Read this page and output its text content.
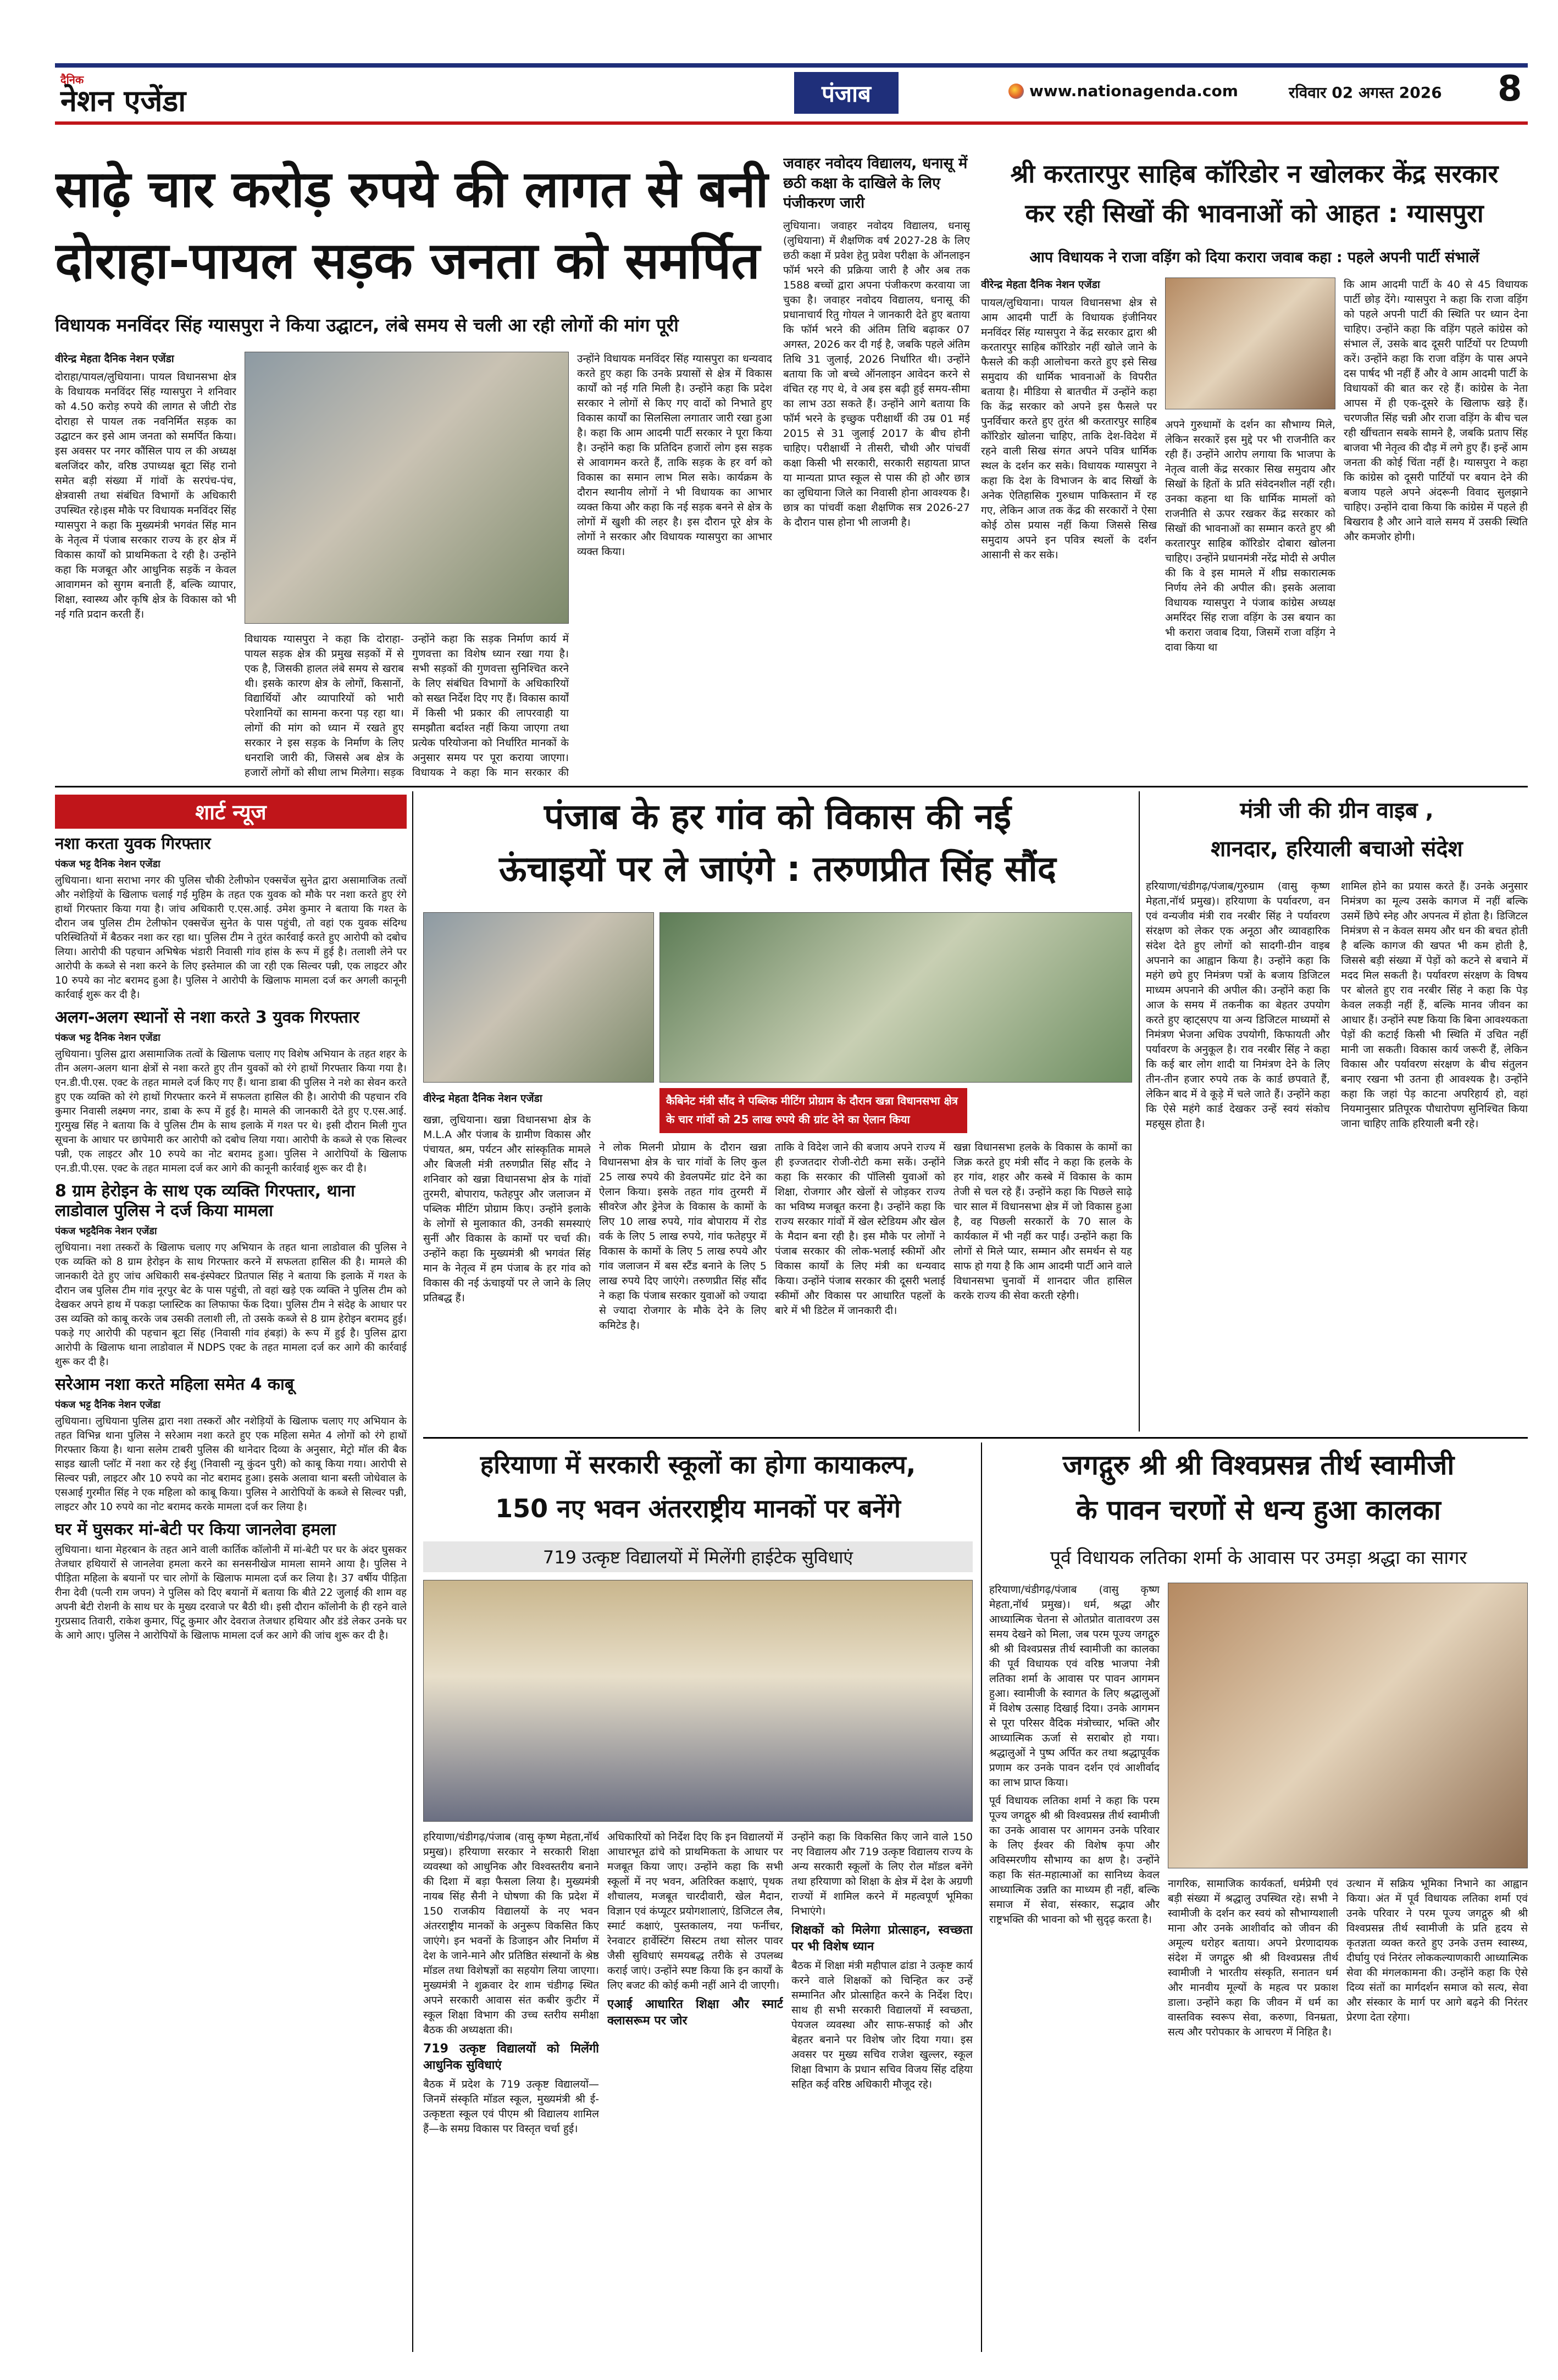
दैनिक
नेशन एजेंडा	पंजाब	www.nationagenda.com	रविवार 02 अगस्त 2026 8
साढ़े चार करोड़ रुपये की लागत से बनी
दोराहा-पायल सड़क जनता को समर्पित
विधायक मनविंदर सिंह ग्यासपुरा ने किया उद्घाटन, लंबे समय से चली आ रही लोगों की मांग पूरी
वीरेन्द्र मेहता दैनिक नेशन एजेंडा

दोराहा/पायल/लुधियाना। पायल विधानसभा क्षेत्र के विधायक मनविंदर सिंह ग्यासपुरा ने शनिवार को 4.50 करोड़ रुपये की लागत से जीटी रोड दोराहा से पायल तक नवनिर्मित सड़क का उद्घाटन कर इसे आम जनता को समर्पित किया। इस अवसर पर नगर कौंसिल पाय ल की अध्यक्ष बलजिंदर कौर, वरिष्ठ उपाध्यक्ष बूटा सिंह रानो समेत बड़ी संख्या में गांवों के सरपंच-पंच, क्षेत्रवासी तथा संबंधित विभागों के अधिकारी उपस्थित रहे।इस मौके पर विधायक मनविंदर सिंह ग्यासपुरा ने कहा कि मुख्यमंत्री भगवंत सिंह मान के नेतृत्व में पंजाब सरकार राज्य के हर क्षेत्र में विकास कार्यों को प्राथमिकता दे रही है। उन्होंने कहा कि मजबूत और आधुनिक सड़कें न केवल आवागमन को सुगम बनाती हैं, बल्कि व्यापार, शिक्षा, स्वास्थ्य और कृषि क्षेत्र के विकास को भी नई गति प्रदान करती हैं।

विधायक ग्यासपुरा ने कहा कि दोराहा-पायल सड़क क्षेत्र की प्रमुख सड़कों में से एक है, जिसकी हालत लंबे समय से खराब थी। इसके कारण क्षेत्र के लोगों, किसानों, विद्यार्थियों और व्यापारियों को भारी परेशानियों का सामना करना पड़ रहा था। लोगों की मांग को ध्यान में रखते हुए सरकार ने इस सड़क के निर्माण के लिए धनराशि जारी की, जिससे अब क्षेत्र के हजारों लोगों को सीधा लाभ मिलेगा। सड़क

उन्होंने कहा कि सड़क निर्माण कार्य में गुणवत्ता का विशेष ध्यान रखा गया है। सभी सड़कों की गुणवत्ता सुनिश्चित करने के लिए संबंधित विभागों के अधिकारियों को सख्त निर्देश दिए गए हैं। विकास कार्यों में किसी भी प्रकार की लापरवाही या समझौता बर्दाश्त नहीं किया जाएगा तथा प्रत्येक परियोजना को निर्धारित मानकों के अनुसार समय पर पूरा कराया जाएगा। विधायक ने कहा कि मान सरकार की

उन्होंने विधायक मनविंदर सिंह ग्यासपुरा का धन्यवाद करते हुए कहा कि उनके प्रयासों से क्षेत्र में विकास कार्यों को नई गति मिली है। उन्होंने कहा कि प्रदेश सरकार ने लोगों से किए गए वादों को निभाते हुए विकास कार्यों का सिलसिला लगातार जारी रखा हुआ है। कहा कि आम आदमी पार्टी सरकार ने पूरा किया है। उन्होंने कहा कि प्रतिदिन हजारों लोग इस सड़क से आवागमन करते हैं, ताकि सड़क के हर वर्ग को विकास का समान लाभ मिल सके। कार्यक्रम के दौरान स्थानीय लोगों ने भी विधायक का आभार व्यक्त किया और कहा कि नई सड़क बनने से क्षेत्र के लोगों में खुशी की लहर है। इस दौरान पूरे क्षेत्र के लोगों ने सरकार और विधायक ग्यासपुरा का आभार व्यक्त किया।

जवाहर नवोदय विद्यालय, धनासू में छठी कक्षा के दाखिले के लिए पंजीकरण जारी
लुधियाना। जवाहर नवोदय विद्यालय, धनासू (लुधियाना) में शैक्षणिक वर्ष 2027-28 के लिए छठी कक्षा में प्रवेश हेतु प्रवेश परीक्षा के ऑनलाइन फॉर्म भरने की प्रक्रिया जारी है और अब तक 1588 बच्चों द्वारा अपना पंजीकरण करवाया जा चुका है। जवाहर नवोदय विद्यालय, धनासू की प्रधानाचार्य रितु गोयल ने जानकारी देते हुए बताया कि फॉर्म भरने की अंतिम तिथि बढ़ाकर 07 अगस्त, 2026 कर दी गई है, जबकि पहले अंतिम तिथि 31 जुलाई, 2026 निर्धारित थी। उन्होंने बताया कि जो बच्चे ऑनलाइन आवेदन करने से वंचित रह गए थे, वे अब इस बढ़ी हुई समय-सीमा का लाभ उठा सकते हैं। उन्होंने आगे बताया कि फॉर्म भरने के इच्छुक परीक्षार्थी की उम्र 01 मई 2015 से 31 जुलाई 2017 के बीच होनी चाहिए। परीक्षार्थी ने तीसरी, चौथी और पांचवीं कक्षा किसी भी सरकारी, सरकारी सहायता प्राप्त या मान्यता प्राप्त स्कूल से पास की हो और छात्र का लुधियाना जिले का निवासी होना आवश्यक है। छात्र का पांचवीं कक्षा शैक्षणिक सत्र 2026-27 के दौरान पास होना भी लाजमी है।
श्री करतारपुर साहिब कॉरिडोर न खोलकर केंद्र सरकार
कर रही सिखों की भावनाओं को आहत : ग्यासपुरा
आप विधायक ने राजा वड़िंग को दिया करारा जवाब कहा : पहले अपनी पार्टी संभालें
वीरेन्द्र मेहता दैनिक नेशन एजेंडा

पायल/लुधियाना। पायल विधानसभा क्षेत्र से आम आदमी पार्टी के विधायक इंजीनियर मनविंदर सिंह ग्यासपुरा ने केंद्र सरकार द्वारा श्री करतारपुर साहिब कॉरिडोर नहीं खोले जाने के फैसले की कड़ी आलोचना करते हुए इसे सिख समुदाय की धार्मिक भावनाओं के विपरीत बताया है। मीडिया से बातचीत में उन्होंने कहा कि केंद्र सरकार को अपने इस फैसले पर पुनर्विचार करते हुए तुरंत श्री करतारपुर साहिब कॉरिडोर खोलना चाहिए, ताकि देश-विदेश में रहने वाली सिख संगत अपने पवित्र धार्मिक स्थल के दर्शन कर सके। विधायक ग्यासपुरा ने कहा कि देश के विभाजन के बाद सिखों के अनेक ऐतिहासिक गुरुधाम पाकिस्तान में रह गए, लेकिन आज तक केंद्र की सरकारों ने ऐसा कोई ठोस प्रयास नहीं किया जिससे सिख समुदाय अपने इन पवित्र स्थलों के दर्शन आसानी से कर सके।

अपने गुरुधामों के दर्शन का सौभाग्य मिले, लेकिन सरकारें इस मुद्दे पर भी राजनीति कर रही हैं। उन्होंने आरोप लगाया कि भाजपा के नेतृत्व वाली केंद्र सरकार सिख समुदाय और सिखों के हितों के प्रति संवेदनशील नहीं रही। उनका कहना था कि धार्मिक मामलों को राजनीति से ऊपर रखकर केंद्र सरकार को सिखों की भावनाओं का सम्मान करते हुए श्री करतारपुर साहिब कॉरिडोर दोबारा खोलना चाहिए। उन्होंने प्रधानमंत्री नरेंद्र मोदी से अपील की कि वे इस मामले में शीघ्र सकारात्मक निर्णय लेने की अपील की। इसके अलावा विधायक ग्यासपुरा ने पंजाब कांग्रेस अध्यक्ष अमरिंदर सिंह राजा वड़िंग के उस बयान का भी करारा जवाब दिया, जिसमें राजा वड़िंग ने दावा किया था

कि आम आदमी पार्टी के 40 से 45 विधायक पार्टी छोड़ देंगे। ग्यासपुरा ने कहा कि राजा वड़िंग को पहले अपनी पार्टी की स्थिति पर ध्यान देना चाहिए। उन्होंने कहा कि वड़िंग पहले कांग्रेस को संभाल लें, उसके बाद दूसरी पार्टियों पर टिप्पणी करें। उन्होंने कहा कि राजा वड़िंग के पास अपने दस पार्षद भी नहीं हैं और वे आम आदमी पार्टी के विधायकों की बात कर रहे हैं। कांग्रेस के नेता आपस में ही एक-दूसरे के खिलाफ खड़े हैं। चरणजीत सिंह चन्नी और राजा वड़िंग के बीच चल रही खींचतान सबके सामने है, जबकि प्रताप सिंह बाजवा भी नेतृत्व की दौड़ में लगे हुए हैं। इन्हें आम जनता की कोई चिंता नहीं है। ग्यासपुरा ने कहा कि कांग्रेस को दूसरी पार्टियों पर बयान देने की बजाय पहले अपने अंदरूनी विवाद सुलझाने चाहिए। उन्होंने दावा किया कि कांग्रेस में पहले ही बिखराव है और आने वाले समय में उसकी स्थिति और कमजोर होगी।

शार्ट न्यूज
नशा करता युवक गिरफ्तार
पंकज भट्ट दैनिक नेशन एजेंडा
लुधियाना। थाना सराभा नगर की पुलिस चौकी टेलीफोन एक्सचेंज सुनेत द्वारा असामाजिक तत्वों और नशेड़ियों के खिलाफ चलाई गई मुहिम के तहत एक युवक को मौके पर नशा करते हुए रंगे हाथों गिरफ्तार किया गया है। जांच अधिकारी ए.एस.आई. उमेश कुमार ने बताया कि गश्त के दौरान जब पुलिस टीम टेलीफोन एक्सचेंज सुनेत के पास पहुंची, तो वहां एक युवक संदिग्ध परिस्थितियों में बैठकर नशा कर रहा था। पुलिस टीम ने तुरंत कार्रवाई करते हुए आरोपी को दबोच लिया। आरोपी की पहचान अभिषेक भंडारी निवासी गांव हांस के रूप में हुई है। तलाशी लेने पर आरोपी के कब्जे से नशा करने के लिए इस्तेमाल की जा रही एक सिल्वर पन्नी, एक लाइटर और 10 रुपये का नोट बरामद हुआ है। पुलिस ने आरोपी के खिलाफ मामला दर्ज कर अगली कानूनी कार्रवाई शुरू कर दी है।
अलग-अलग स्थानों से नशा करते 3 युवक गिरफ्तार
पंकज भट्ट दैनिक नेशन एजेंडा
लुधियाना। पुलिस द्वारा असामाजिक तत्वों के खिलाफ चलाए गए विशेष अभियान के तहत शहर के तीन अलग-अलग थाना क्षेत्रों से नशा करते हुए तीन युवकों को रंगे हाथों गिरफ्तार किया गया है। एन.डी.पी.एस. एक्ट के तहत मामले दर्ज किए गए हैं। थाना डाबा की पुलिस ने नशे का सेवन करते हुए एक व्यक्ति को रंगे हाथों गिरफ्तार करने में सफलता हासिल की है। आरोपी की पहचान रवि कुमार निवासी लक्ष्मण नगर, डाबा के रूप में हुई है। मामले की जानकारी देते हुए ए.एस.आई. गुरमुख सिंह ने बताया कि वे पुलिस टीम के साथ इलाके में गश्त पर थे। इसी दौरान मिली गुप्त सूचना के आधार पर छापेमारी कर आरोपी को दबोच लिया गया। आरोपी के कब्जे से एक सिल्वर पन्नी, एक लाइटर और 10 रुपये का नोट बरामद हुआ। पुलिस ने आरोपियों के खिलाफ एन.डी.पी.एस. एक्ट के तहत मामला दर्ज कर आगे की कानूनी कार्रवाई शुरू कर दी है।
8 ग्राम हेरोइन के साथ एक व्यक्ति गिरफ्तार, थाना लाडोवाल पुलिस ने दर्ज किया मामला
पंकज भट्टदैनिक नेशन एजेंडा
लुधियाना। नशा तस्करों के खिलाफ चलाए गए अभियान के तहत थाना लाडोवाल की पुलिस ने एक व्यक्ति को 8 ग्राम हेरोइन के साथ गिरफ्तार करने में सफलता हासिल की है। मामले की जानकारी देते हुए जांच अधिकारी सब-इंस्पेक्टर प्रितपाल सिंह ने बताया कि इलाके में गश्त के दौरान जब पुलिस टीम गांव नूरपुर बेट के पास पहुंची, तो वहां खड़े एक व्यक्ति ने पुलिस टीम को देखकर अपने हाथ में पकड़ा प्लास्टिक का लिफाफा फेंक दिया। पुलिस टीम ने संदेह के आधार पर उस व्यक्ति को काबू करके जब उसकी तलाशी ली, तो उसके कब्जे से 8 ग्राम हेरोइन बरामद हुई। पकड़े गए आरोपी की पहचान बूटा सिंह (निवासी गांव हंबड़ां) के रूप में हुई है। पुलिस द्वारा आरोपी के खिलाफ थाना लाडोवाल में NDPS एक्ट के तहत मामला दर्ज कर आगे की कार्रवाई शुरू कर दी है।
सरेआम नशा करते महिला समेत 4 काबू
पंकज भट्ट दैनिक नेशन एजेंडा
लुधियाना। लुधियाना पुलिस द्वारा नशा तस्करों और नशेड़ियों के खिलाफ चलाए गए अभियान के तहत विभिन्न थाना पुलिस ने सरेआम नशा करते हुए एक महिला समेत 4 लोगों को रंगे हाथों गिरफ्तार किया है। थाना सलेम टाबरी पुलिस की थानेदार दिव्या के अनुसार, मेट्रो मॉल की बैक साइड खाली प्लॉट में नशा कर रहे ईशु (निवासी न्यू कुंदन पुरी) को काबू किया गया। आरोपी से सिल्वर पन्नी, लाइटर और 10 रुपये का नोट बरामद हुआ। इसके अलावा थाना बस्ती जोधेवाल के एसआई गुरमीत सिंह ने एक महिला को काबू किया। पुलिस ने आरोपियों के कब्जे से सिल्वर पन्नी, लाइटर और 10 रुपये का नोट बरामद करके मामला दर्ज कर लिया है।
घर में घुसकर मां-बेटी पर किया जानलेवा हमला
लुधियाना। थाना मेहरबान के तहत आने वाली कार्तिक कॉलोनी में मां-बेटी पर घर के अंदर घुसकर तेजधार हथियारों से जानलेवा हमला करने का सनसनीखेज मामला सामने आया है। पुलिस ने पीड़िता महिला के बयानों पर चार लोगों के खिलाफ मामला दर्ज कर लिया है। 37 वर्षीय पीड़िता रीना देवी (पत्नी राम जपन) ने पुलिस को दिए बयानों में बताया कि बीते 22 जुलाई की शाम वह अपनी बेटी रोशनी के साथ घर के मुख्य दरवाजे पर बैठी थी। इसी दौरान कॉलोनी के ही रहने वाले गुरप्रसाद तिवारी, राकेश कुमार, पिंटू कुमार और देवराज तेजधार हथियार और डंडे लेकर उनके घर के आगे आए। पुलिस ने आरोपियों के खिलाफ मामला दर्ज कर आगे की जांच शुरू कर दी है।
पंजाब के हर गांव को विकास की नई
ऊंचाइयों पर ले जाएंगे : तरुणप्रीत सिंह सौंद
वीरेन्द्र मेहता दैनिक नेशन एजेंडा	कैबिनेट मंत्री सौंद ने पब्लिक मीटिंग प्रोग्राम के दौरान खन्ना विधानसभा क्षेत्र के चार गांवों को 25 लाख रुपये की ग्रांट देने का ऐलान किया

खन्ना, लुधियाना। खन्ना विधानसभा क्षेत्र के M.L.A और पंजाब के ग्रामीण विकास और पंचायत, श्रम, पर्यटन और सांस्कृतिक मामले और बिजली मंत्री तरुणप्रीत सिंह सौंद ने शनिवार को खन्ना विधानसभा क्षेत्र के गांवों तुरमरी, बोपाराय, फतेहपुर और जलाजन में पब्लिक मीटिंग प्रोग्राम किए। उन्होंने इलाके के लोगों से मुलाकात की, उनकी समस्याएं सुनीं और विकास के कामों पर चर्चा की। उन्होंने कहा कि मुख्यमंत्री श्री भगवंत सिंह मान के नेतृत्व में हम पंजाब के हर गांव को विकास की नई ऊंचाइयों पर ले जाने के लिए प्रतिबद्ध हैं।

ने लोक मिलनी प्रोग्राम के दौरान खन्ना विधानसभा क्षेत्र के चार गांवों के लिए कुल 25 लाख रुपये की डेवलपमेंट ग्रांट देने का ऐलान किया। इसके तहत गांव तुरमरी में सीवरेज और ड्रेनेज के विकास के कामों के लिए 10 लाख रुपये, गांव बोपाराय में रोड वर्क के लिए 5 लाख रुपये, गांव फतेहपुर में विकास के कामों के लिए 5 लाख रुपये और गांव जलाजन में बस स्टैंड बनाने के लिए 5 लाख रुपये दिए जाएंगे। तरुणप्रीत सिंह सौंद ने कहा कि पंजाब सरकार युवाओं को ज्यादा से ज्यादा रोजगार के मौके देने के लिए कमिटेड है।

ताकि वे विदेश जाने की बजाय अपने राज्य में ही इज्जतदार रोजी-रोटी कमा सकें। उन्होंने कहा कि सरकार की पॉलिसी युवाओं को शिक्षा, रोजगार और खेलों से जोड़कर राज्य का भविष्य मजबूत करना है। उन्होंने कहा कि राज्य सरकार गांवों में खेल स्टेडियम और खेल के मैदान बना रही है। इस मौके पर लोगों ने पंजाब सरकार की लोक-भलाई स्कीमों और विकास कार्यों के लिए मंत्री का धन्यवाद किया। उन्होंने पंजाब सरकार की दूसरी भलाई स्कीमों और विकास पर आधारित पहलों के बारे में भी डिटेल में जानकारी दी।

खन्ना विधानसभा हलके के विकास के कामों का जिक्र करते हुए मंत्री सौंद ने कहा कि हलके के हर गांव, शहर और कस्बे में विकास के काम तेजी से चल रहे हैं। उन्होंने कहा कि पिछले साढ़े चार साल में विधानसभा क्षेत्र में जो विकास हुआ है, वह पिछली सरकारों के 70 साल के कार्यकाल में भी नहीं कर पाईं। उन्होंने कहा कि लोगों से मिले प्यार, सम्मान और समर्थन से यह साफ हो गया है कि आम आदमी पार्टी आने वाले विधानसभा चुनावों में शानदार जीत हासिल करके राज्य की सेवा करती रहेगी।

मंत्री जी की ग्रीन वाइब ,
शानदार, हरियाली बचाओ संदेश

हरियाणा/चंडीगढ़/पंजाब/गुरुग्राम (वासु कृष्ण मेहता,नॉर्थ प्रमुख)। हरियाणा के पर्यावरण, वन एवं वन्यजीव मंत्री राव नरबीर सिंह ने पर्यावरण संरक्षण को लेकर एक अनूठा और व्यावहारिक संदेश देते हुए लोगों को सादगी-ग्रीन वाइब अपनाने का आह्वान किया है। उन्होंने कहा कि महंगे छपे हुए निमंत्रण पत्रों के बजाय डिजिटल माध्यम अपनाने की अपील की। उन्होंने कहा कि आज के समय में तकनीक का बेहतर उपयोग करते हुए व्हाट्सएप या अन्य डिजिटल माध्यमों से निमंत्रण भेजना अधिक उपयोगी, किफायती और पर्यावरण के अनुकूल है। राव नरबीर सिंह ने कहा कि कई बार लोग शादी या निमंत्रण देने के लिए तीन-तीन हजार रुपये तक के कार्ड छपवाते हैं, लेकिन बाद में वे कूड़े में चले जाते हैं। उन्होंने कहा कि ऐसे महंगे कार्ड देखकर उन्हें स्वयं संकोच महसूस होता है।

शामिल होने का प्रयास करते हैं। उनके अनुसार निमंत्रण का मूल्य उसके कागज में नहीं बल्कि उसमें छिपे स्नेह और अपनत्व में होता है। डिजिटल निमंत्रण से न केवल समय और धन की बचत होती है बल्कि कागज की खपत भी कम होती है, जिससे बड़ी संख्या में पेड़ों को कटने से बचाने में मदद मिल सकती है। पर्यावरण संरक्षण के विषय पर बोलते हुए राव नरबीर सिंह ने कहा कि पेड़ केवल लकड़ी नहीं हैं, बल्कि मानव जीवन का आधार हैं। उन्होंने स्पष्ट किया कि बिना आवश्यकता पेड़ों की कटाई किसी भी स्थिति में उचित नहीं मानी जा सकती। विकास कार्य जरूरी हैं, लेकिन विकास और पर्यावरण संरक्षण के बीच संतुलन बनाए रखना भी उतना ही आवश्यक है। उन्होंने कहा कि जहां पेड़ काटना अपरिहार्य हो, वहां नियमानुसार प्रतिपूरक पौधारोपण सुनिश्चित किया जाना चाहिए ताकि हरियाली बनी रहे।

हरियाणा में सरकारी स्कूलों का होगा कायाकल्प,
150 नए भवन अंतरराष्ट्रीय मानकों पर बनेंगे
719 उत्कृष्ट विद्यालयों में मिलेंगी हाईटेक सुविधाएं

हरियाणा/चंडीगढ़/पंजाब (वासु कृष्ण मेहता,नॉर्थ प्रमुख)। हरियाणा सरकार ने सरकारी शिक्षा व्यवस्था को आधुनिक और विश्वस्तरीय बनाने की दिशा में बड़ा फैसला लिया है। मुख्यमंत्री नायब सिंह सैनी ने घोषणा की कि प्रदेश में 150 राजकीय विद्यालयों के नए भवन अंतरराष्ट्रीय मानकों के अनुरूप विकसित किए जाएंगे। इन भवनों के डिजाइन और निर्माण में देश के जाने-माने और प्रतिष्ठित संस्थानों के श्रेष्ठ मॉडल तथा विशेषज्ञों का सहयोग लिया जाएगा। मुख्यमंत्री ने शुक्रवार देर शाम चंडीगढ़ स्थित अपने सरकारी आवास संत कबीर कुटीर में स्कूल शिक्षा विभाग की उच्च स्तरीय समीक्षा बैठक की अध्यक्षता की।

719 उत्कृष्ट विद्यालयों को मिलेंगी आधुनिक सुविधाएं

बैठक में प्रदेश के 719 उत्कृष्ट विद्यालयों—जिनमें संस्कृति मॉडल स्कूल, मुख्यमंत्री श्री ई-उत्कृष्टता स्कूल एवं पीएम श्री विद्यालय शामिल हैं—के समग्र विकास पर विस्तृत चर्चा हुई।

अधिकारियों को निर्देश दिए कि इन विद्यालयों में आधारभूत ढांचे को प्राथमिकता के आधार पर मजबूत किया जाए। उन्होंने कहा कि सभी स्कूलों में नए भवन, अतिरिक्त कक्षाएं, पृथक शौचालय, मजबूत चारदीवारी, खेल मैदान, विज्ञान एवं कंप्यूटर प्रयोगशालाएं, डिजिटल लैब, स्मार्ट कक्षाएं, पुस्तकालय, नया फर्नीचर, रेनवाटर हार्वेस्टिंग सिस्टम तथा सोलर पावर जैसी सुविधाएं समयबद्ध तरीके से उपलब्ध कराई जाएं। उन्होंने स्पष्ट किया कि इन कार्यों के लिए बजट की कोई कमी नहीं आने दी जाएगी।

एआई आधारित शिक्षा और स्मार्ट क्लासरूम पर जोर

उन्होंने कहा कि विकसित किए जाने वाले 150 नए विद्यालय और 719 उत्कृष्ट विद्यालय राज्य के अन्य सरकारी स्कूलों के लिए रोल मॉडल बनेंगे तथा हरियाणा को शिक्षा के क्षेत्र में देश के अग्रणी राज्यों में शामिल करने में महत्वपूर्ण भूमिका निभाएंगे।

शिक्षकों को मिलेगा प्रोत्साहन, स्वच्छता पर भी विशेष ध्यान

बैठक में शिक्षा मंत्री महीपाल ढांडा ने उत्कृष्ट कार्य करने वाले शिक्षकों को चिन्हित कर उन्हें सम्मानित और प्रोत्साहित करने के निर्देश दिए। साथ ही सभी सरकारी विद्यालयों में स्वच्छता, पेयजल व्यवस्था और साफ-सफाई को और बेहतर बनाने पर विशेष जोर दिया गया। इस अवसर पर मुख्य सचिव राजेश खुल्लर, स्कूल शिक्षा विभाग के प्रधान सचिव विजय सिंह दहिया सहित कई वरिष्ठ अधिकारी मौजूद रहे।

जगद्गुरु श्री श्री विश्वप्रसन्न तीर्थ स्वामीजी
के पावन चरणों से धन्य हुआ कालका
पूर्व विधायक लतिका शर्मा के आवास पर उमड़ा श्रद्धा का सागर

हरियाणा/चंडीगढ़/पंजाब (वासु कृष्ण मेहता,नॉर्थ प्रमुख)। धर्म, श्रद्धा और आध्यात्मिक चेतना से ओतप्रोत वातावरण उस समय देखने को मिला, जब परम पूज्य जगद्गुरु श्री श्री विश्वप्रसन्न तीर्थ स्वामीजी का कालका की पूर्व विधायक एवं वरिष्ठ भाजपा नेत्री लतिका शर्मा के आवास पर पावन आगमन हुआ। स्वामीजी के स्वागत के लिए श्रद्धालुओं में विशेष उत्साह दिखाई दिया। उनके आगमन से पूरा परिसर वैदिक मंत्रोच्चार, भक्ति और आध्यात्मिक ऊर्जा से सराबोर हो गया। श्रद्धालुओं ने पुष्प अर्पित कर तथा श्रद्धापूर्वक प्रणाम कर उनके पावन दर्शन एवं आशीर्वाद का लाभ प्राप्त किया।

पूर्व विधायक लतिका शर्मा ने कहा कि परम पूज्य जगद्गुरु श्री श्री विश्वप्रसन्न तीर्थ स्वामीजी का उनके आवास पर आगमन उनके परिवार के लिए ईश्वर की विशेष कृपा और अविस्मरणीय सौभाग्य का क्षण है। उन्होंने कहा कि संत-महात्माओं का सानिध्य केवल आध्यात्मिक उन्नति का माध्यम ही नहीं, बल्कि समाज में सेवा, संस्कार, सद्भाव और राष्ट्रभक्ति की भावना को भी सुदृढ़ करता है।

नागरिक, सामाजिक कार्यकर्ता, धर्मप्रेमी एवं बड़ी संख्या में श्रद्धालु उपस्थित रहे। सभी ने स्वामीजी के दर्शन कर स्वयं को सौभाग्यशाली माना और उनके आशीर्वाद को जीवन की अमूल्य धरोहर बताया। अपने प्रेरणादायक संदेश में जगद्गुरु श्री श्री विश्वप्रसन्न तीर्थ स्वामीजी ने भारतीय संस्कृति, सनातन धर्म और मानवीय मूल्यों के महत्व पर प्रकाश डाला। उन्होंने कहा कि जीवन में धर्म का वास्तविक स्वरूप सेवा, करुणा, विनम्रता, सत्य और परोपकार के आचरण में निहित है।

उत्थान में सक्रिय भूमिका निभाने का आह्वान किया। अंत में पूर्व विधायक लतिका शर्मा एवं उनके परिवार ने परम पूज्य जगद्गुरु श्री श्री विश्वप्रसन्न तीर्थ स्वामीजी के प्रति हृदय से कृतज्ञता व्यक्त करते हुए उनके उत्तम स्वास्थ्य, दीर्घायु एवं निरंतर लोककल्याणकारी आध्यात्मिक सेवा की मंगलकामना की। उन्होंने कहा कि ऐसे दिव्य संतों का मार्गदर्शन समाज को सत्य, सेवा और संस्कार के मार्ग पर आगे बढ़ने की निरंतर प्रेरणा देता रहेगा।
